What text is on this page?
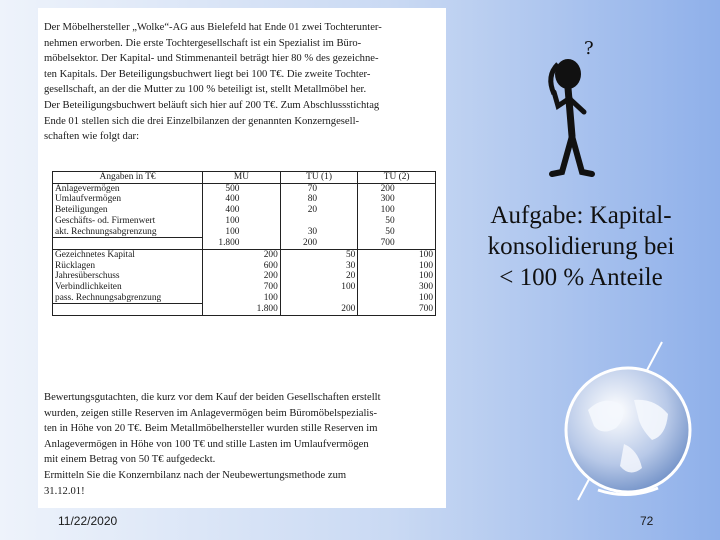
Der Möbelhersteller „Wolke“-AG aus Bielefeld hat Ende 01 zwei Tochterunter-
nehmen erworben. Die erste Tochtergesellschaft ist ein Spezialist im Büro-
möbelsektor. Der Kapital- und Stimmenanteil beträgt hier 80 % des gezeichne-
ten Kapitals. Der Beteiligungsbuchwert liegt bei 100 T€. Die zweite Tochter-
gesellschaft, an der die Mutter zu 100 % beteiligt ist, stellt Metallmöbel her.
Der Beteiligungsbuchwert beläuft sich hier auf 200 T€. Zum Abschlussstichtag
Ende 01 stellen sich die drei Einzelbilanzen der genannten Konzerngesell-
schaften wie folgt dar:

Angaben in T€	MU		TU (1)		TU (2)	
Anlagevermögen	500		70		200	
Umlaufvermögen	400		80		300	
Beteiligungen	400		20		100	
Geschäfts- od. Firmenwert	100				50	
akt. Rechnungsabgrenzung	100		30		50	
	1.800		200		700	
Gezeichnetes Kapital		200		50		100
Rücklagen		600		30		100
Jahresüberschuss		200		20		100
Verbindlichkeiten		700		100		300
pass. Rechnungsabgrenzung		100				100
		1.800		200		700

Bewertungsgutachten, die kurz vor dem Kauf der beiden Gesellschaften erstellt
wurden, zeigen stille Reserven im Anlagevermögen beim Büromöbelspezialis-
ten in Höhe von 20 T€. Beim Metallmöbelhersteller wurden stille Reserven im
Anlagevermögen in Höhe von 100 T€ und stille Lasten im Umlaufvermögen
mit einem Betrag von 50 T€ aufgedeckt.
Ermitteln Sie die Konzernbilanz nach der Neubewertungsmethode zum
31.12.01!

?
Aufgabe: Kapital-
konsolidierung bei
< 100 % Anteile
11/22/2020	72
